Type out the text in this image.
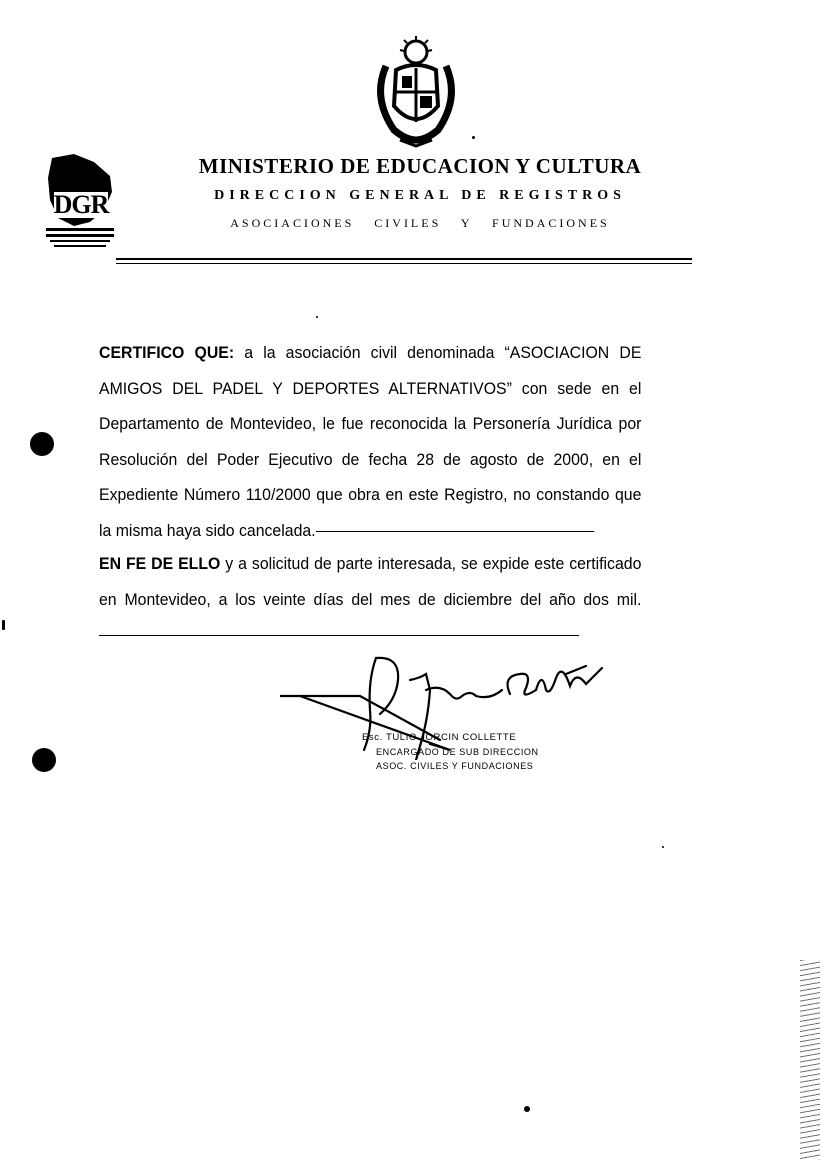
DGR
MINISTERIO DE EDUCACION Y CULTURA
DIRECCION GENERAL DE REGISTROS
ASOCIACIONES CIVILES Y FUNDACIONES
CERTIFICO QUE: a la asociación civil denominada “ASOCIACION DE AMIGOS DEL PADEL Y DEPORTES ALTERNATIVOS” con sede en el Departamento de Montevideo, le fue reconocida la Personería Jurídica por Resolución del Poder Ejecutivo de fecha 28 de agosto de 2000, en el Expediente Número 110/2000 que obra en este Registro, no constando que la misma haya sido cancelada.
EN FE DE ELLO y a solicitud de parte interesada, se expide este certificado en Montevideo, a los veinte días del mes de diciembre del año dos mil.
Esc. TULIO JORCIN COLLETTE
ENCARGADO DE SUB DIRECCION
ASOC. CIVILES Y FUNDACIONES
